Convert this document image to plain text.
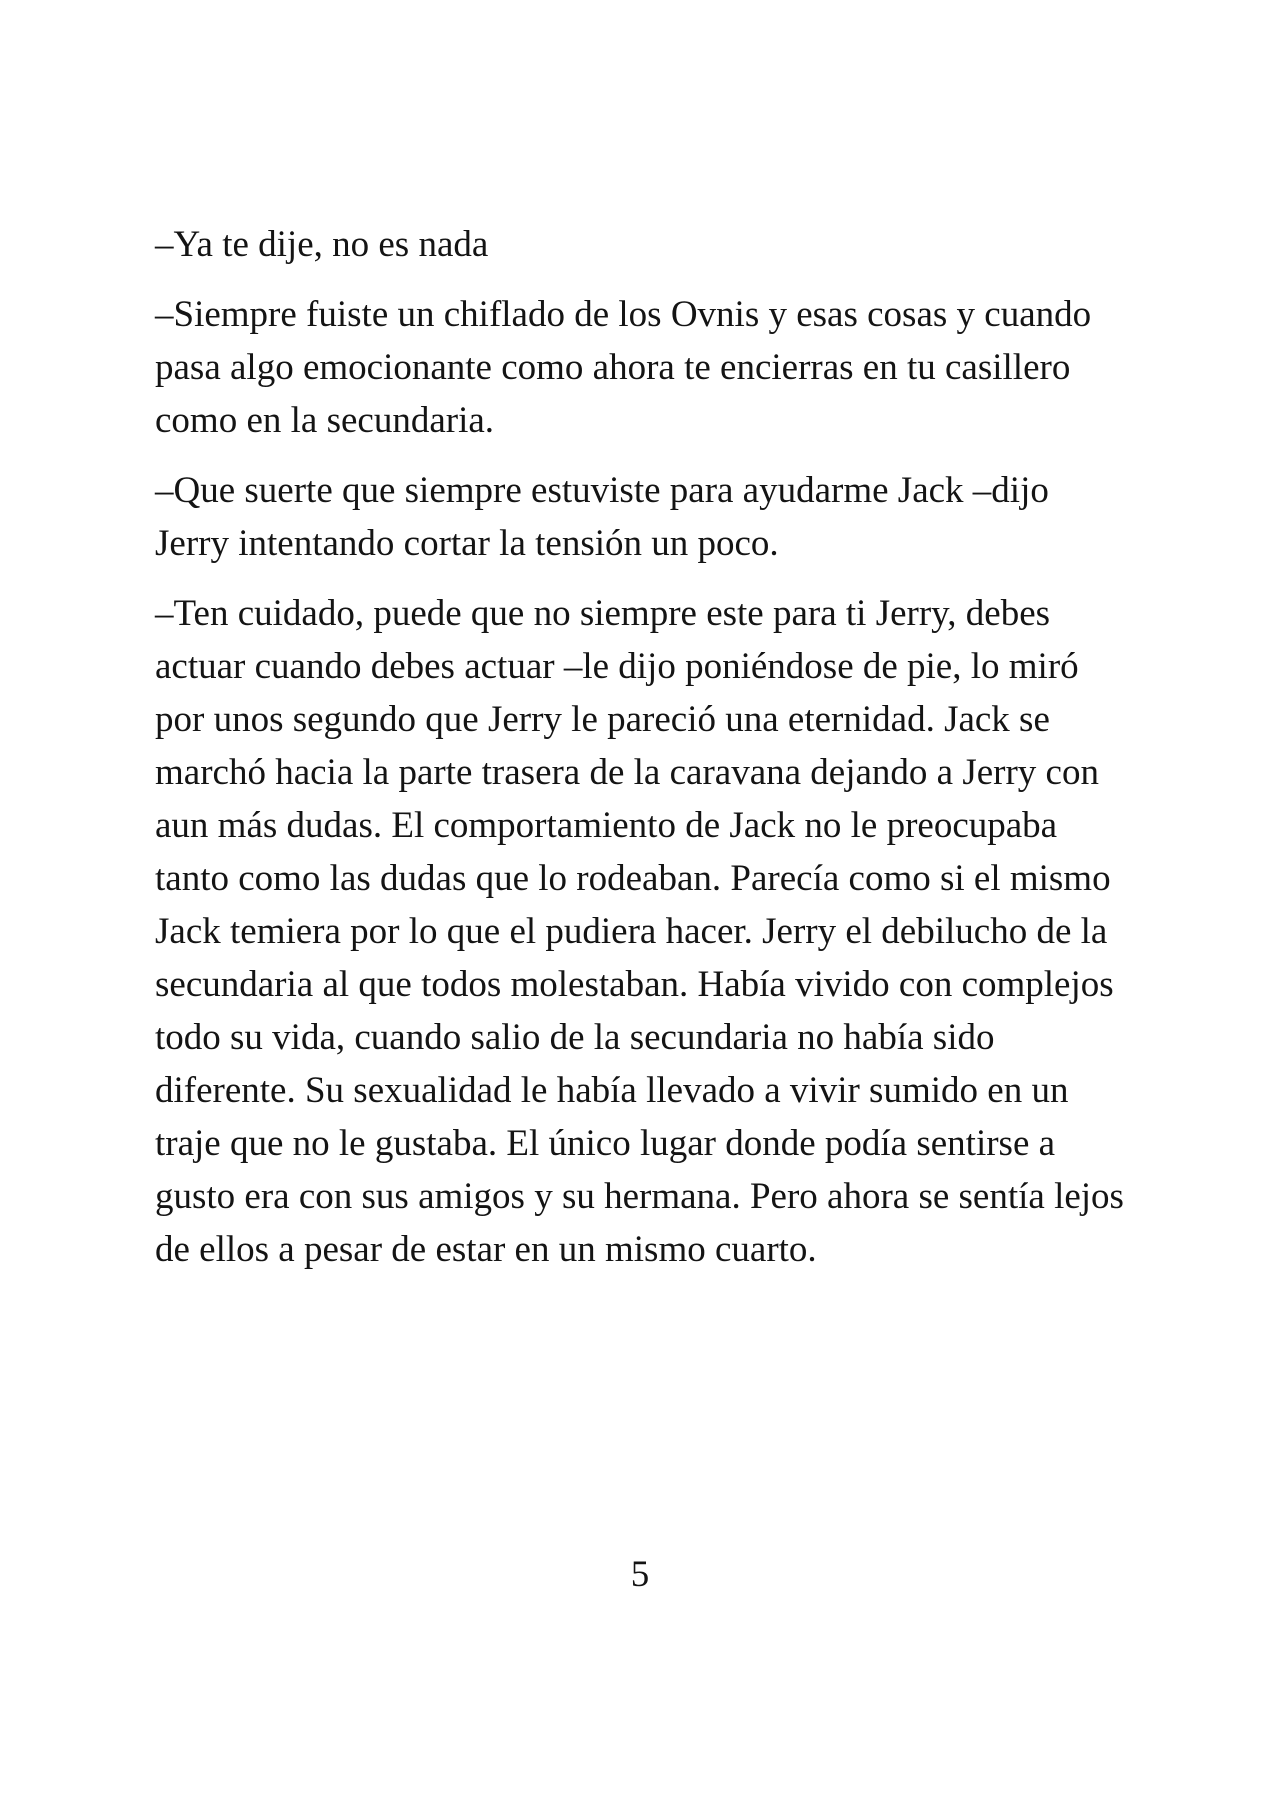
–Ya te dije, no es nada

–Siempre fuiste un chiflado de los Ovnis y esas cosas y cuando pasa algo emocionante como ahora te encierras en tu casillero como en la secundaria.

–Que suerte que siempre estuviste para ayudarme Jack –dijo Jerry intentando cortar la tensión un poco.

–Ten cuidado, puede que no siempre este para ti Jerry, debes actuar cuando debes actuar –le dijo poniéndose de pie, lo miró por unos segundo que Jerry le pareció una eternidad. Jack se marchó hacia la parte trasera de la caravana dejando a Jerry con aun más dudas. El comportamiento de Jack no le preocupaba tanto como las dudas que lo rodeaban. Parecía como si el mismo Jack temiera por lo que el pudiera hacer. Jerry el debilucho de la secundaria al que todos molestaban. Había vivido con complejos todo su vida, cuando salio de la secundaria no había sido diferente. Su sexualidad le había llevado a vivir sumido en un traje que no le gustaba. El único lugar donde podía sentirse a gusto era con sus amigos y su hermana. Pero ahora se sentía lejos de ellos a pesar de estar en un mismo cuarto.

5
